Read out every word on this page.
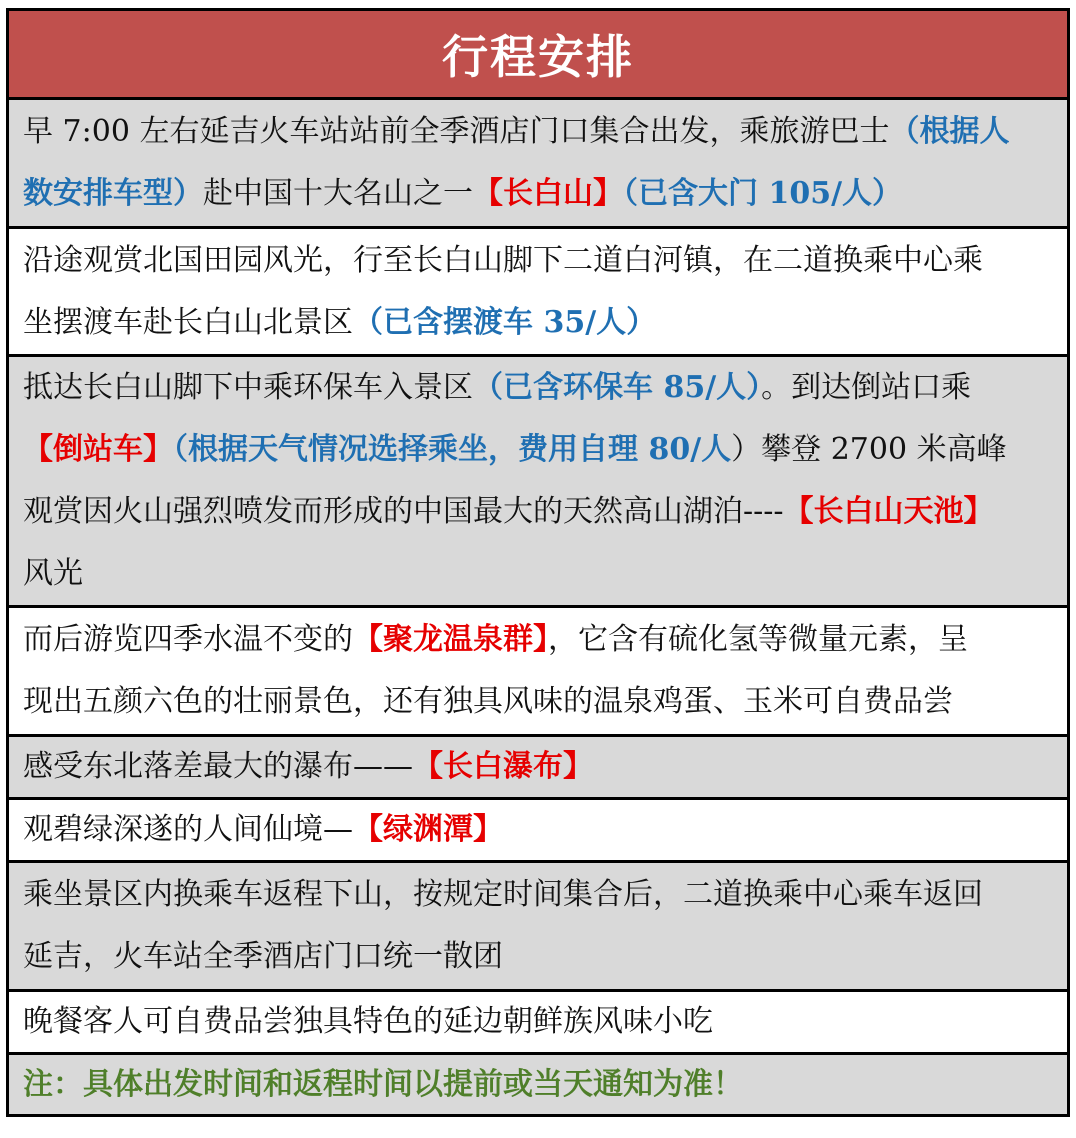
行程安排
早 7:00 左右延吉火车站站前全季酒店门口集合出发，乘旅游巴士（根据人
数安排车型）赴中国十大名山之一【长白山】（已含大门 105/人）
沿途观赏北国田园风光，行至长白山脚下二道白河镇，在二道换乘中心乘
坐摆渡车赴长白山北景区（已含摆渡车 35/人）
抵达长白山脚下中乘环保车入景区（已含环保车 85/人）。到达倒站口乘
【倒站车】（根据天气情况选择乘坐，费用自理 80/人）攀登 2700 米高峰
观赏因火山强烈喷发而形成的中国最大的天然高山湖泊----【长白山天池】
风光
而后游览四季水温不变的【聚龙温泉群】，它含有硫化氢等微量元素，呈
现出五颜六色的壮丽景色，还有独具风味的温泉鸡蛋、玉米可自费品尝
感受东北落差最大的瀑布——【长白瀑布】
观碧绿深遂的人间仙境—【绿渊潭】
乘坐景区内换乘车返程下山，按规定时间集合后，二道换乘中心乘车返回
延吉，火车站全季酒店门口统一散团
晚餐客人可自费品尝独具特色的延边朝鲜族风味小吃
注：具体出发时间和返程时间以提前或当天通知为准！
